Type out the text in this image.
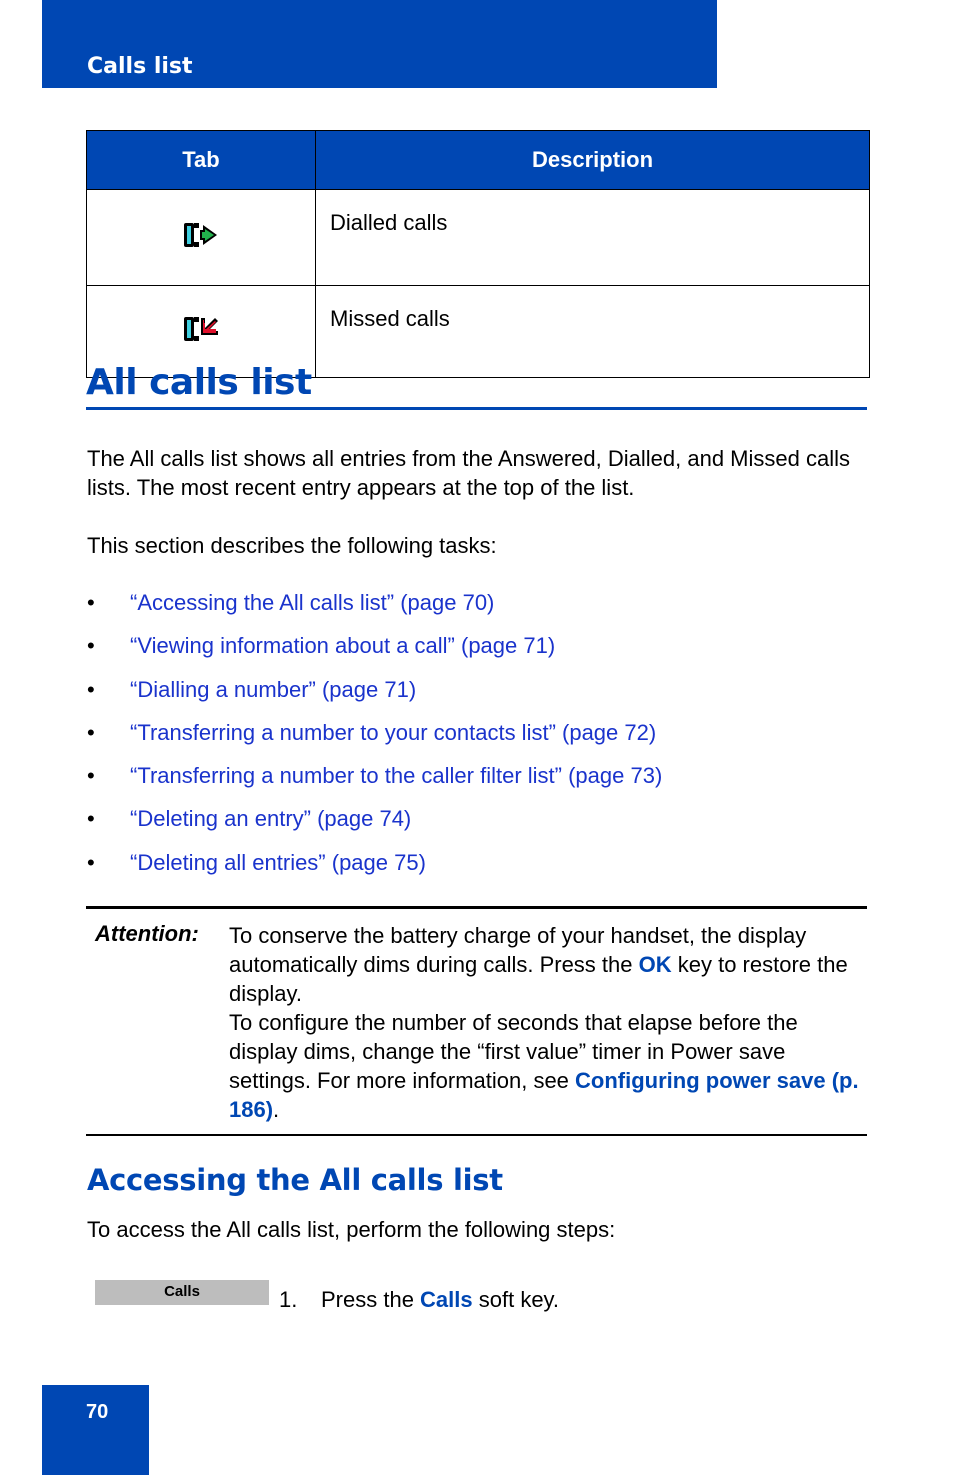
Calls list
Tab	Description
	Dialled calls
	Missed calls
All calls list
The All calls list shows all entries from the Answered, Dialled, and Missed calls lists. The most recent entry appears at the top of the list.
This section describes the following tasks:
• “Accessing the All calls list” (page 70)
• “Viewing information about a call” (page 71)
• “Dialling a number” (page 71)
• “Transferring a number to your contacts list” (page 72)
• “Transferring a number to the caller filter list” (page 73)
• “Deleting an entry” (page 74)
• “Deleting all entries” (page 75)
Attention: To conserve the battery charge of your handset, the display automatically dims during calls. Press the OK key to restore the display.
To configure the number of seconds that elapse before the display dims, change the “first value” timer in Power save settings. For more information, see Configuring power save (p. 186).
Accessing the All calls list
To access the All calls list, perform the following steps:
Calls	1. Press the Calls soft key.
70
